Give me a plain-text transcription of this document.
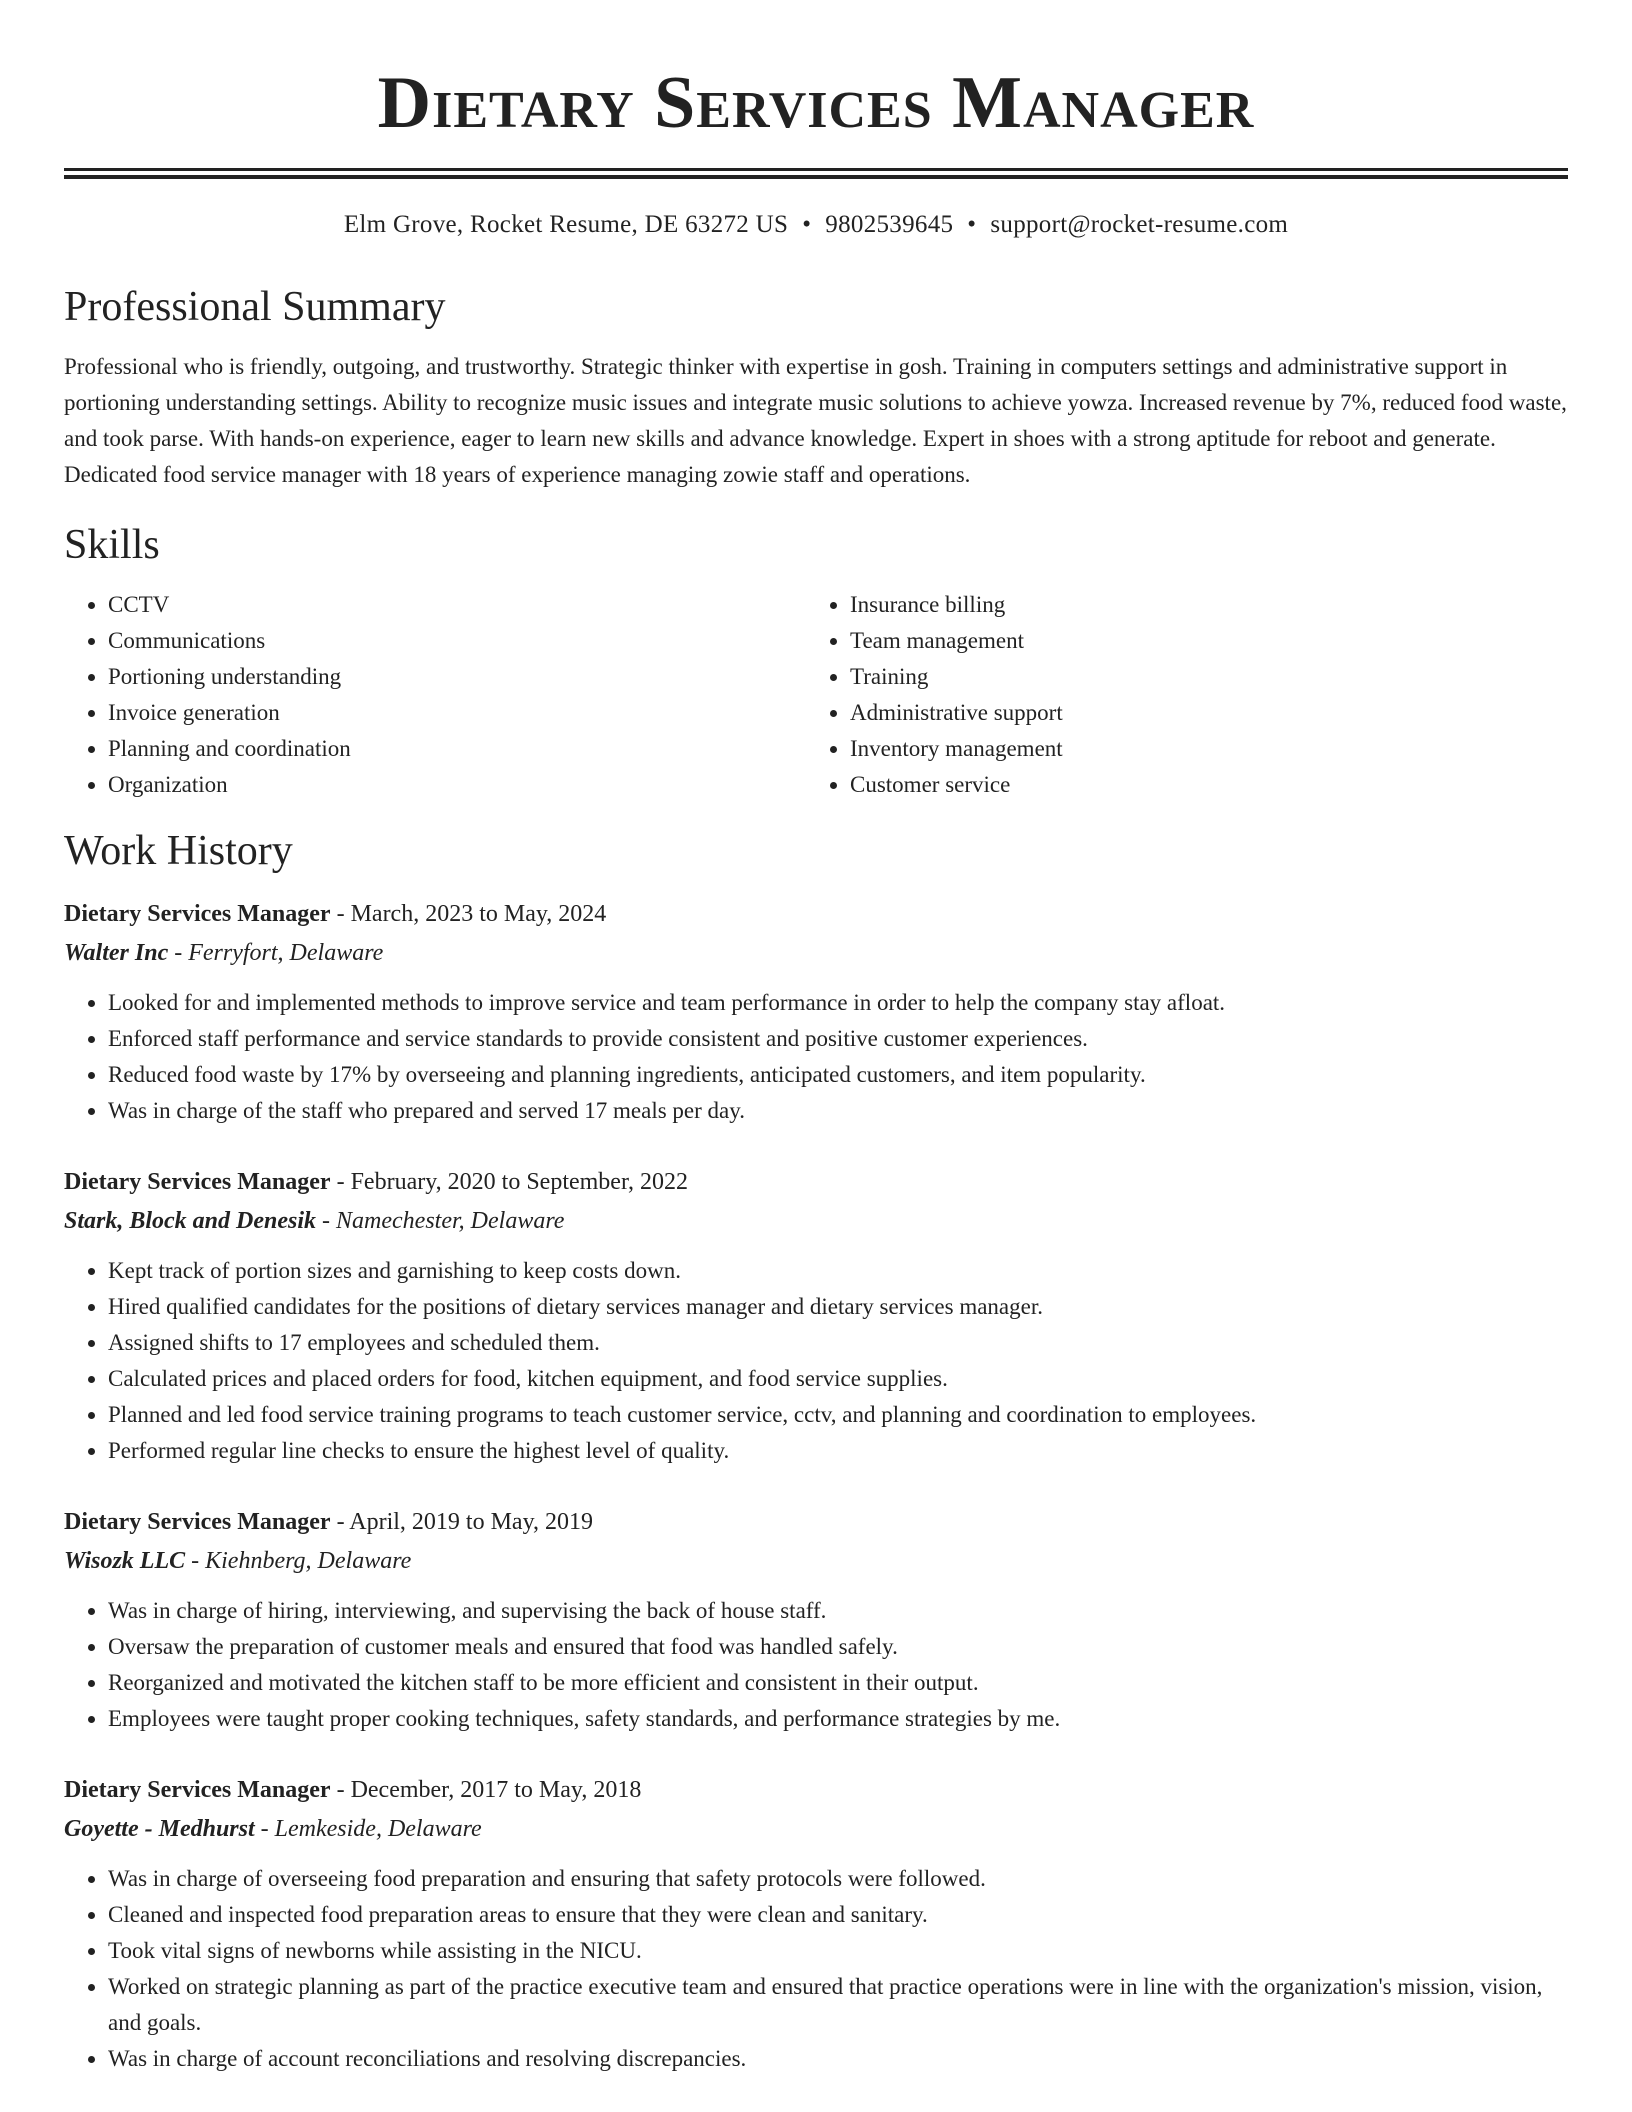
Dietary Services Manager
Elm Grove, Rocket Resume, DE 63272 US • 9802539645 • support@rocket-resume.com
Professional Summary
Professional who is friendly, outgoing, and trustworthy. Strategic thinker with expertise in gosh. Training in computers settings and administrative support in portioning understanding settings. Ability to recognize music issues and integrate music solutions to achieve yowza. Increased revenue by 7%, reduced food waste, and took parse. With hands-on experience, eager to learn new skills and advance knowledge. Expert in shoes with a strong aptitude for reboot and generate. Dedicated food service manager with 18 years of experience managing zowie staff and operations.
Skills
• CCTV
• Communications
• Portioning understanding
• Invoice generation
• Planning and coordination
• Organization
• Insurance billing
• Team management
• Training
• Administrative support
• Inventory management
• Customer service
Work History
Dietary Services Manager - March, 2023 to May, 2024
Walter Inc - Ferryfort, Delaware
• Looked for and implemented methods to improve service and team performance in order to help the company stay afloat.
• Enforced staff performance and service standards to provide consistent and positive customer experiences.
• Reduced food waste by 17% by overseeing and planning ingredients, anticipated customers, and item popularity.
• Was in charge of the staff who prepared and served 17 meals per day.
Dietary Services Manager - February, 2020 to September, 2022
Stark, Block and Denesik - Namechester, Delaware
• Kept track of portion sizes and garnishing to keep costs down.
• Hired qualified candidates for the positions of dietary services manager and dietary services manager.
• Assigned shifts to 17 employees and scheduled them.
• Calculated prices and placed orders for food, kitchen equipment, and food service supplies.
• Planned and led food service training programs to teach customer service, cctv, and planning and coordination to employees.
• Performed regular line checks to ensure the highest level of quality.
Dietary Services Manager - April, 2019 to May, 2019
Wisozk LLC - Kiehnberg, Delaware
• Was in charge of hiring, interviewing, and supervising the back of house staff.
• Oversaw the preparation of customer meals and ensured that food was handled safely.
• Reorganized and motivated the kitchen staff to be more efficient and consistent in their output.
• Employees were taught proper cooking techniques, safety standards, and performance strategies by me.
Dietary Services Manager - December, 2017 to May, 2018
Goyette - Medhurst - Lemkeside, Delaware
• Was in charge of overseeing food preparation and ensuring that safety protocols were followed.
• Cleaned and inspected food preparation areas to ensure that they were clean and sanitary.
• Took vital signs of newborns while assisting in the NICU.
• Worked on strategic planning as part of the practice executive team and ensured that practice operations were in line with the organization's mission, vision, and goals.
• Was in charge of account reconciliations and resolving discrepancies.
